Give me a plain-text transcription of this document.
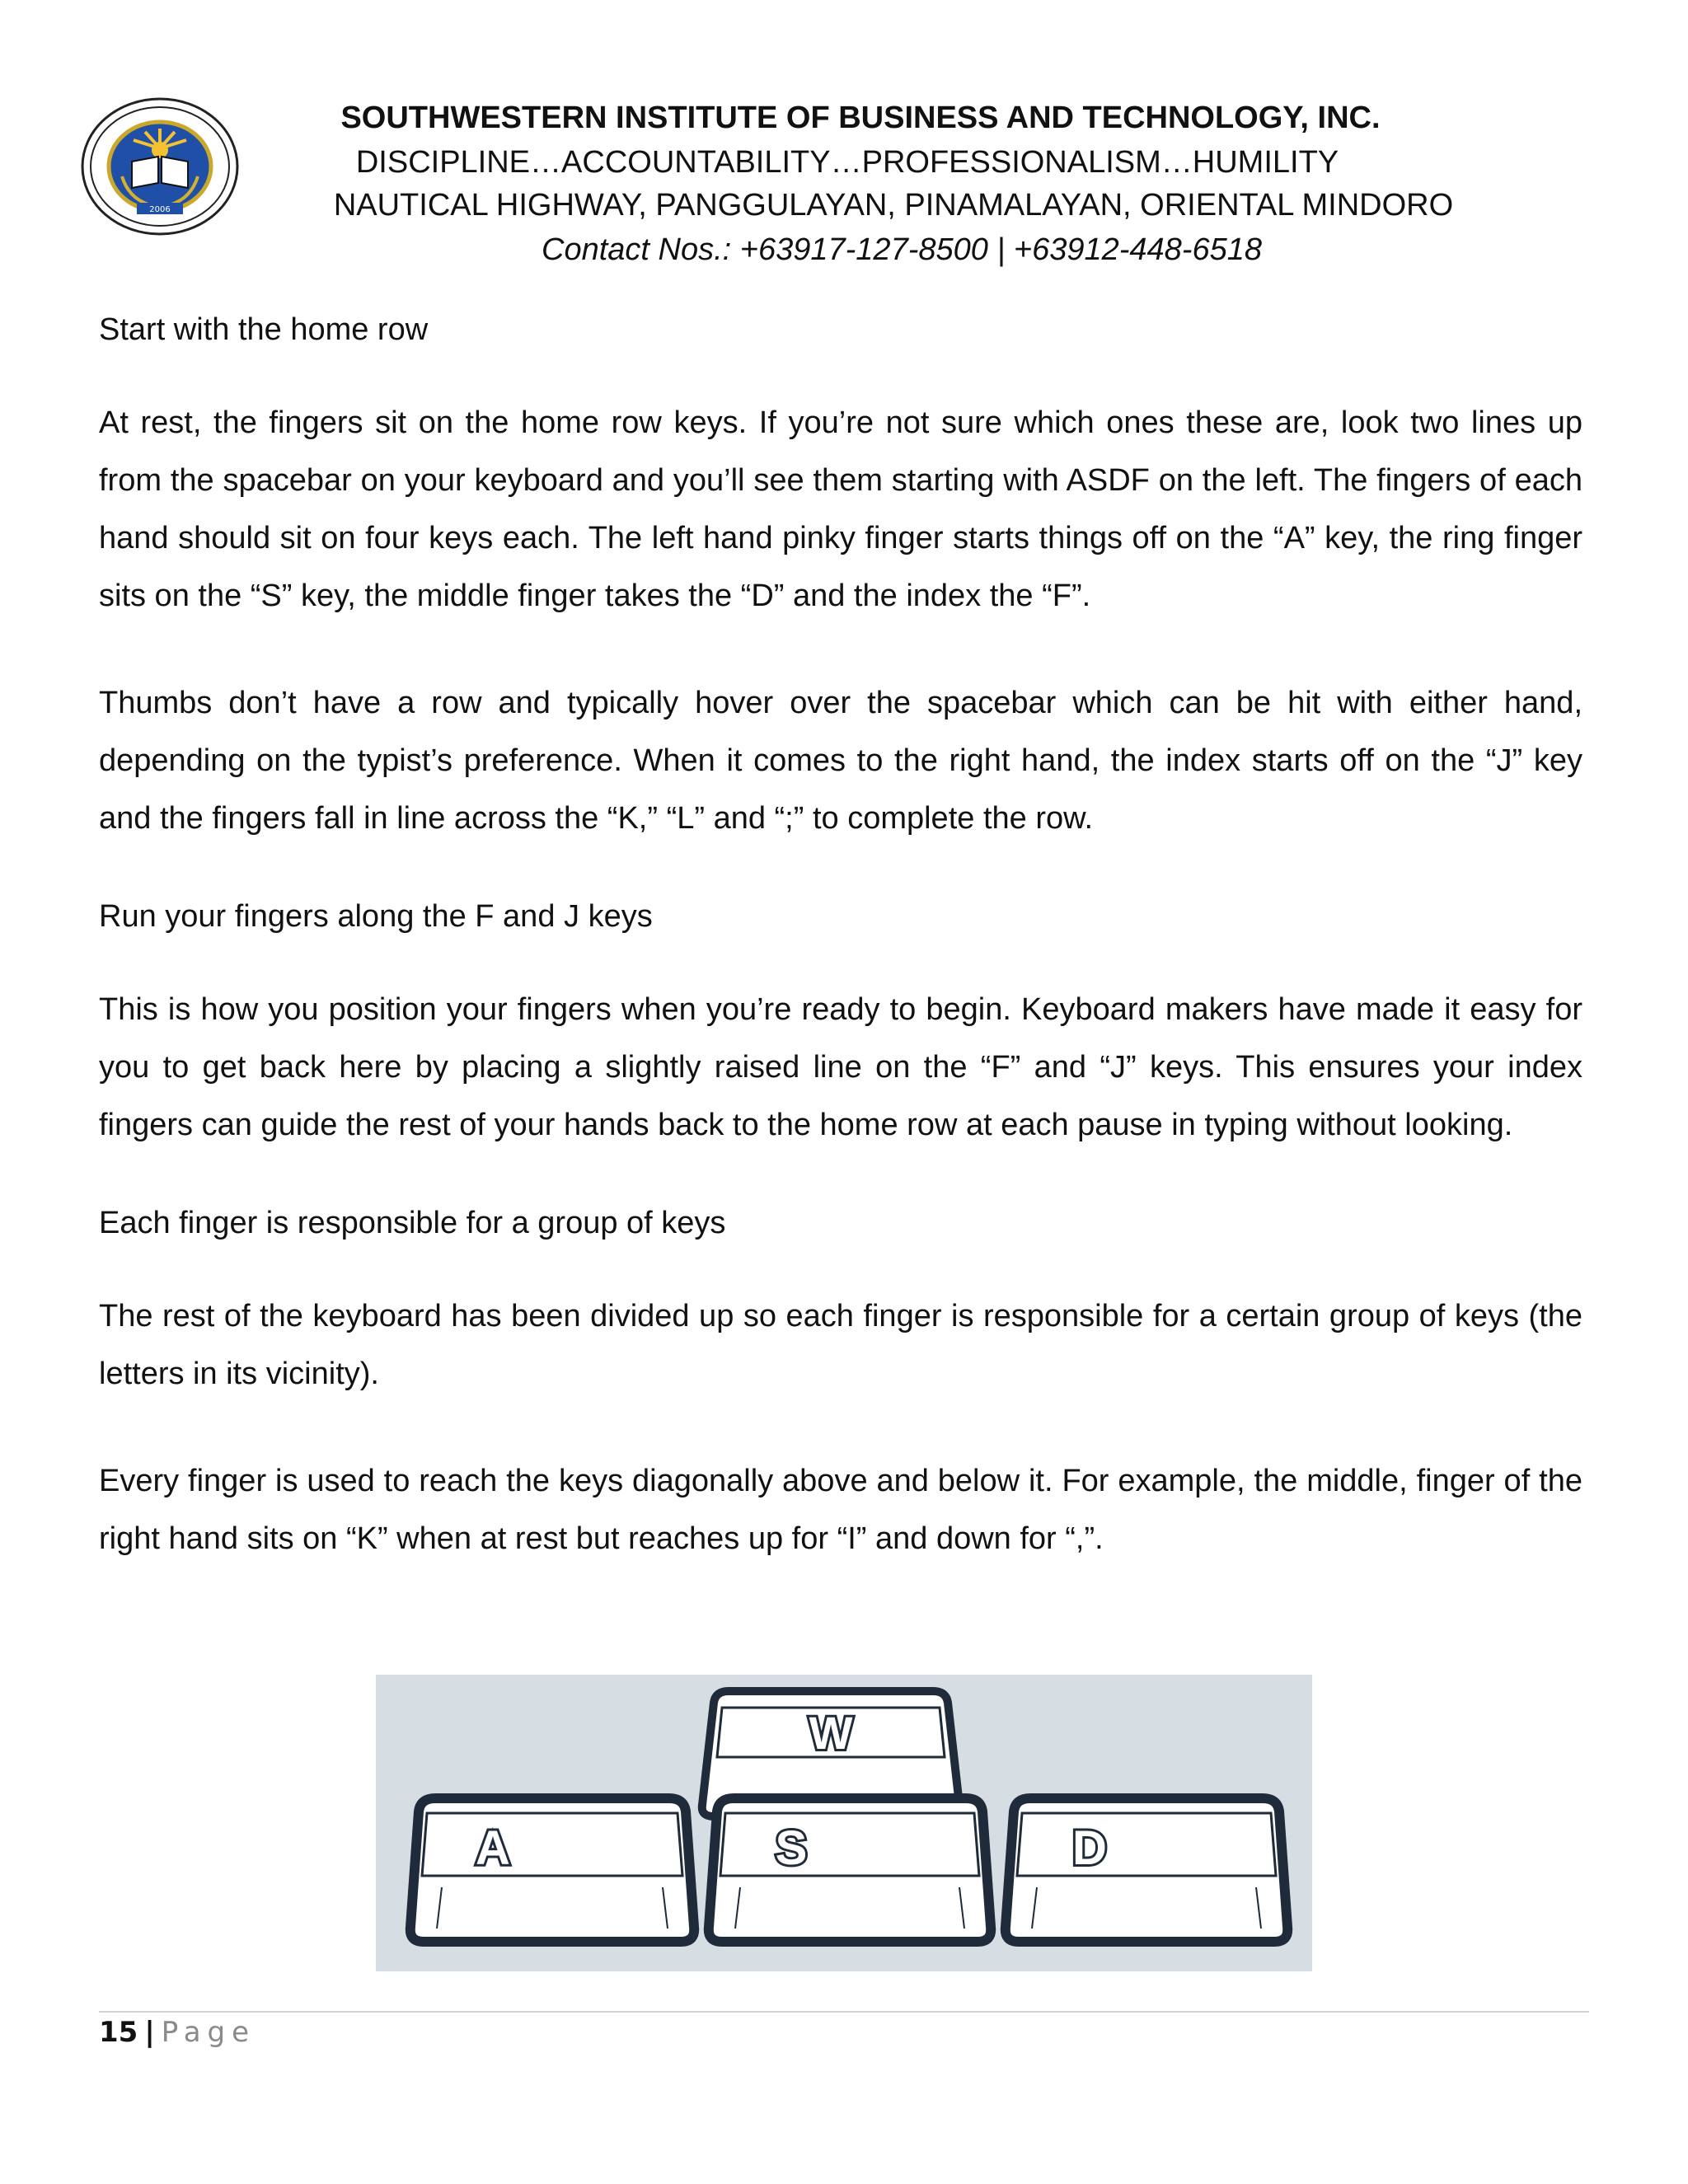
2006
SOUTHWESTERN INSTITUTE OF BUSINESS AND TECHNOLOGY, INC.
DISCIPLINE…ACCOUNTABILITY…PROFESSIONALISM…HUMILITY
NAUTICAL HIGHWAY, PANGGULAYAN, PINAMALAYAN, ORIENTAL MINDORO
Contact Nos.: +63917-127-8500 | +63912-448-6518

Start with the home row

At rest, the fingers sit on the home row keys. If you’re not sure which ones these are, look two lines up from the spacebar on your keyboard and you’ll see them starting with ASDF on the left. The fingers of each hand should sit on four keys each. The left hand pinky finger starts things off on the “A” key, the ring finger sits on the “S” key, the middle finger takes the “D” and the index the “F”.

Thumbs don’t have a row and typically hover over the spacebar which can be hit with either hand, depending on the typist’s preference. When it comes to the right hand, the index starts off on the “J” key and the fingers fall in line across the “K,” “L” and “;” to complete the row.

Run your fingers along the F and J keys

This is how you position your fingers when you’re ready to begin. Keyboard makers have made it easy for you to get back here by placing a slightly raised line on the “F” and “J” keys. This ensures your index fingers can guide the rest of your hands back to the home row at each pause in typing without looking.

Each finger is responsible for a group of keys

The rest of the keyboard has been divided up so each finger is responsible for a certain group of keys (the letters in its vicinity).

Every finger is used to reach the keys diagonally above and below it. For example, the middle, finger of the right hand sits on “K” when at rest but reaches up for “I” and down for “,”.

W
A	S	D
15 | Page
